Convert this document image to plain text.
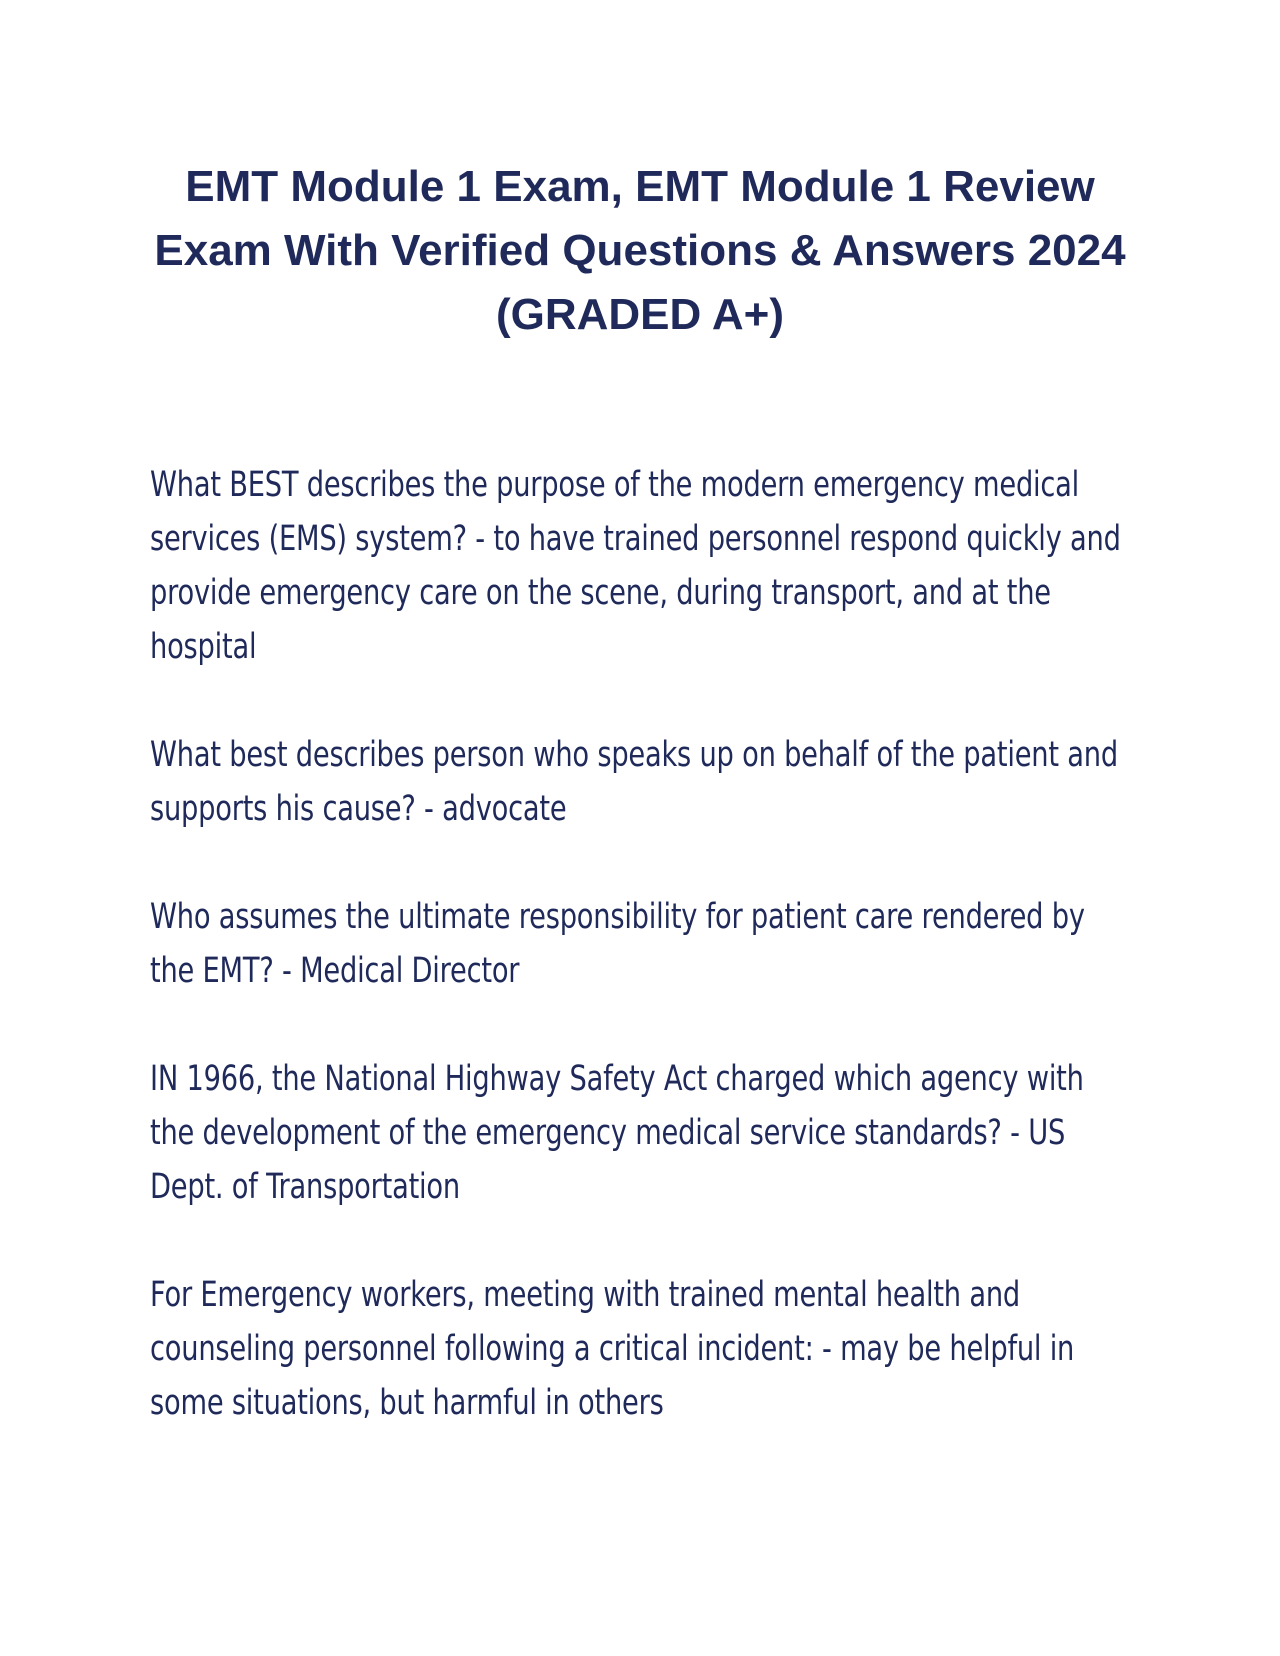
EMT Module 1 Exam, EMT Module 1 Review Exam With Verified Questions & Answers 2024 (GRADED A+)
What BEST describes the purpose of the modern emergency medical services (EMS) system? - to have trained personnel respond quickly and provide emergency care on the scene, during transport, and at the hospital
What best describes person who speaks up on behalf of the patient and supports his cause? - advocate
Who assumes the ultimate responsibility for patient care rendered by the EMT? - Medical Director
IN 1966, the National Highway Safety Act charged which agency with the development of the emergency medical service standards? - US Dept. of Transportation
For Emergency workers, meeting with trained mental health and counseling personnel following a critical incident: - may be helpful in some situations, but harmful in others
